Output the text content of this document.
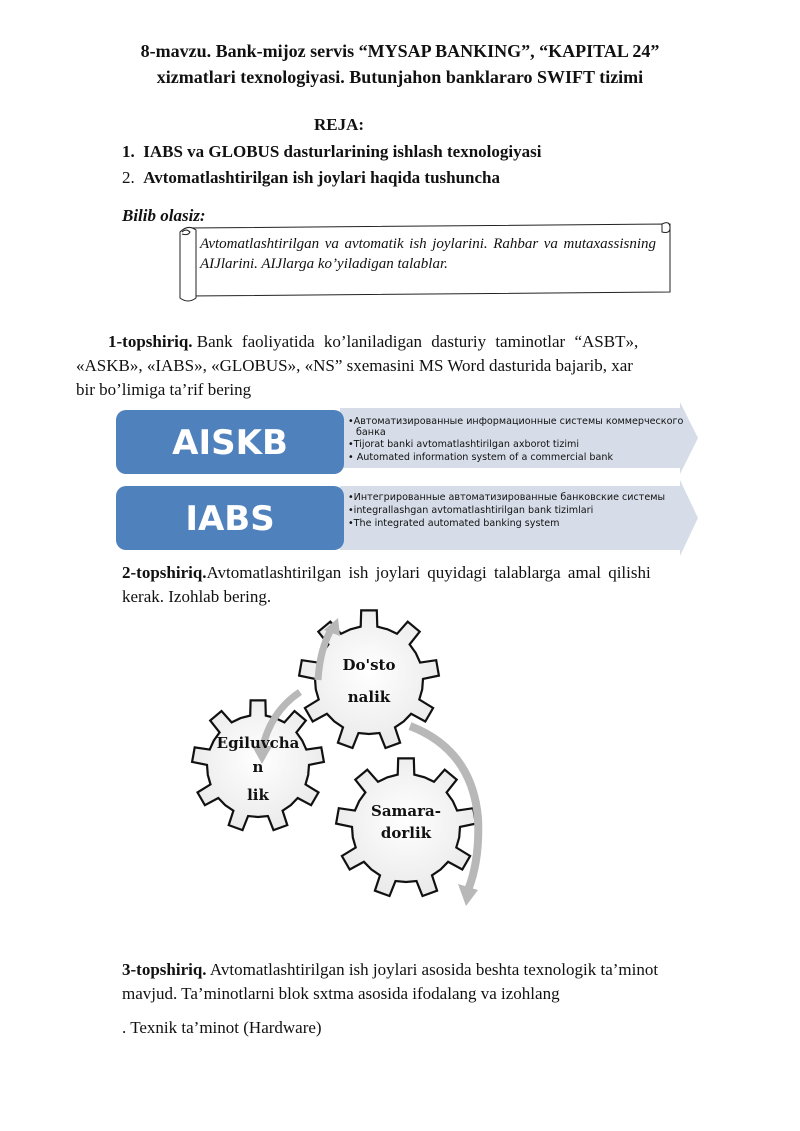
8-mavzu. Bank-mijoz servis “MYSAP BANKING”, “KAPITAL 24”
xizmatlari texnologiyasi. Butunjahon banklararo SWIFT tizimi
REJA:
1. IABS va GLOBUS dasturlarining ishlash texnologiyasi
2. Avtomatlashtirilgan ish joylari haqida tushuncha
Bilib olasiz:
Avtomatlashtirilgan va avtomatik ish joylarini. Rahbar va mutaxassisning AIJlarini. AIJlarga ko’yiladigan talablar.
1-topshiriq. Bank faoliyatida ko’laniladigan dasturiy taminotlar “ASBT»,
«ASKB», «IABS», «GLOBUS», «NS” sxemasini MS Word dasturida bajarib, xar
bir bo’limiga ta’rif bering
AISKB
IABS
•Автоматизированные информационные системы коммерческого
банка
•Tijorat banki avtomatlashtirilgan axborot tizimi
• Automated information system of a commercial bank
•Интегрированные автоматизированные банковские системы
•integrallashgan avtomatlashtirilgan bank tizimlari
•The integrated automated banking system
2-topshiriq.Avtomatlashtirilgan ish joylari quyidagi talablarga amal qilishi
kerak. Izohlab bering.
Do'sto nalik
Egiluvcha n lik
Samara-dorlik
3-topshiriq. Avtomatlashtirilgan ish joylari asosida beshta texnologik ta’minot
mavjud. Ta’minotlarni blok sxtma asosida ifodalang va izohlang
. Texnik ta’minot (Hardware)
